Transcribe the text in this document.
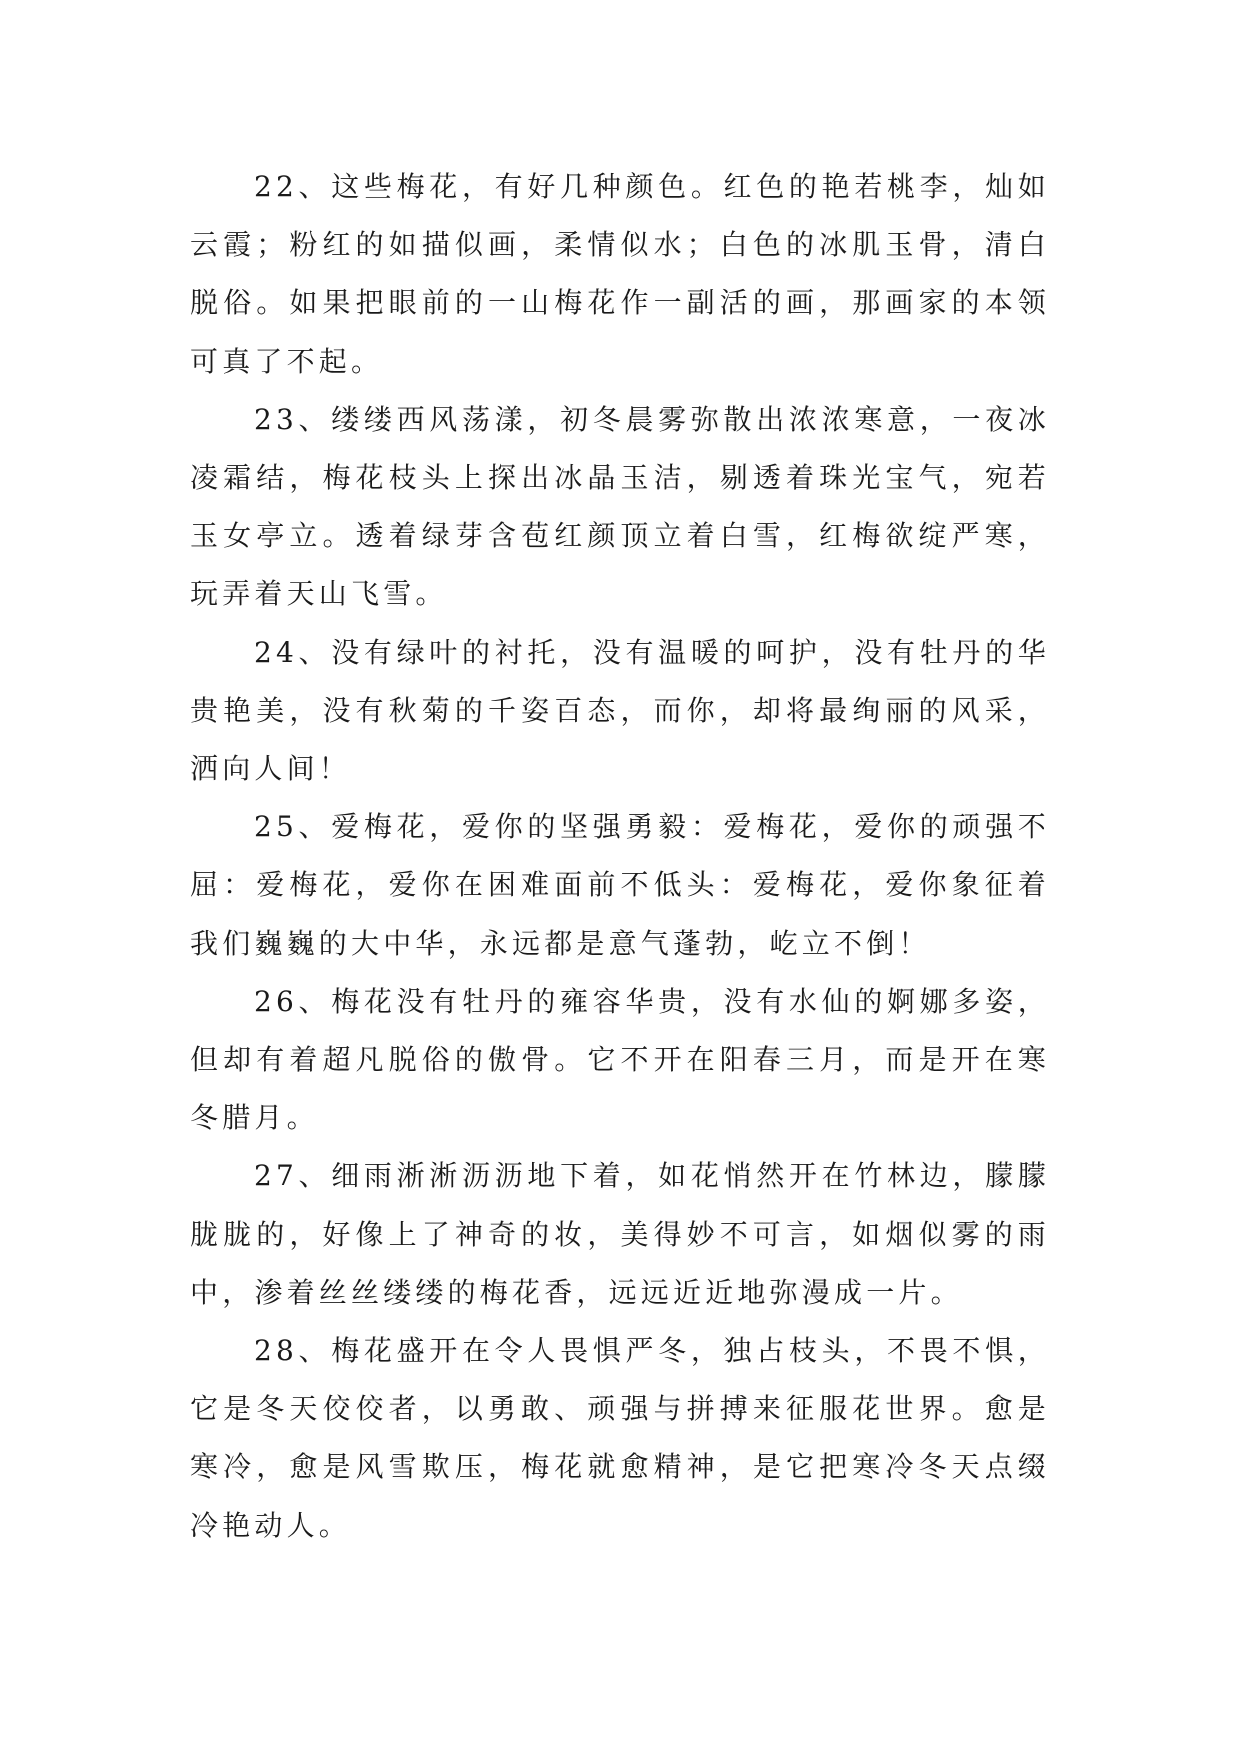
22、这些梅花，有好几种颜色。红色的艳若桃李，灿如云霞；粉红的如描似画，柔情似水；白色的冰肌玉骨，清白脱俗。如果把眼前的一山梅花作一副活的画，那画家的本领可真了不起。

23、缕缕西风荡漾，初冬晨雾弥散出浓浓寒意，一夜冰凌霜结，梅花枝头上探出冰晶玉洁，剔透着珠光宝气，宛若玉女亭立。透着绿芽含苞红颜顶立着白雪，红梅欲绽严寒，玩弄着天山飞雪。

24、没有绿叶的衬托，没有温暖的呵护，没有牡丹的华贵艳美，没有秋菊的千姿百态，而你，却将最绚丽的风采，洒向人间！

25、爱梅花，爱你的坚强勇毅：爱梅花，爱你的顽强不屈：爱梅花，爱你在困难面前不低头：爱梅花，爱你象征着我们巍巍的大中华，永远都是意气蓬勃，屹立不倒！

26、梅花没有牡丹的雍容华贵，没有水仙的婀娜多姿，但却有着超凡脱俗的傲骨。它不开在阳春三月，而是开在寒冬腊月。

27、细雨淅淅沥沥地下着，如花悄然开在竹林边，朦朦胧胧的，好像上了神奇的妆，美得妙不可言，如烟似雾的雨中，渗着丝丝缕缕的梅花香，远远近近地弥漫成一片。

28、梅花盛开在令人畏惧严冬，独占枝头，不畏不惧，它是冬天佼佼者，以勇敢、顽强与拼搏来征服花世界。愈是寒冷，愈是风雪欺压，梅花就愈精神，是它把寒冷冬天点缀冷艳动人。
